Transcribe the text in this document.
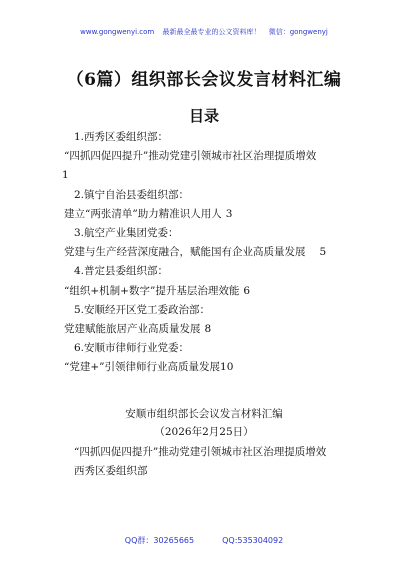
www.gongwenyi.com 最新最全最专业的公文资料库！ 微信：gongwenyj
（6篇）组织部长会议发言材料汇编
目录
1.西秀区委组织部：
“四抓四促四提升”推动党建引领城市社区治理提质增效
1
2.镇宁自治县委组织部：
建立“两张清单”助力精准识人用人 3
3.航空产业集团党委：
党建与生产经营深度融合，赋能国有企业高质量发展 5
4.普定县委组织部：
“组织+机制+数字”提升基层治理效能 6
5.安顺经开区党工委政治部：
党建赋能旅居产业高质量发展 8
6.安顺市律师行业党委：
“党建+”引领律师行业高质量发展10
安顺市组织部长会议发言材料汇编
（2026年2月25日）
“四抓四促四提升”推动党建引领城市社区治理提质增效
西秀区委组织部
QQ群：30265665	QQ:535304092
